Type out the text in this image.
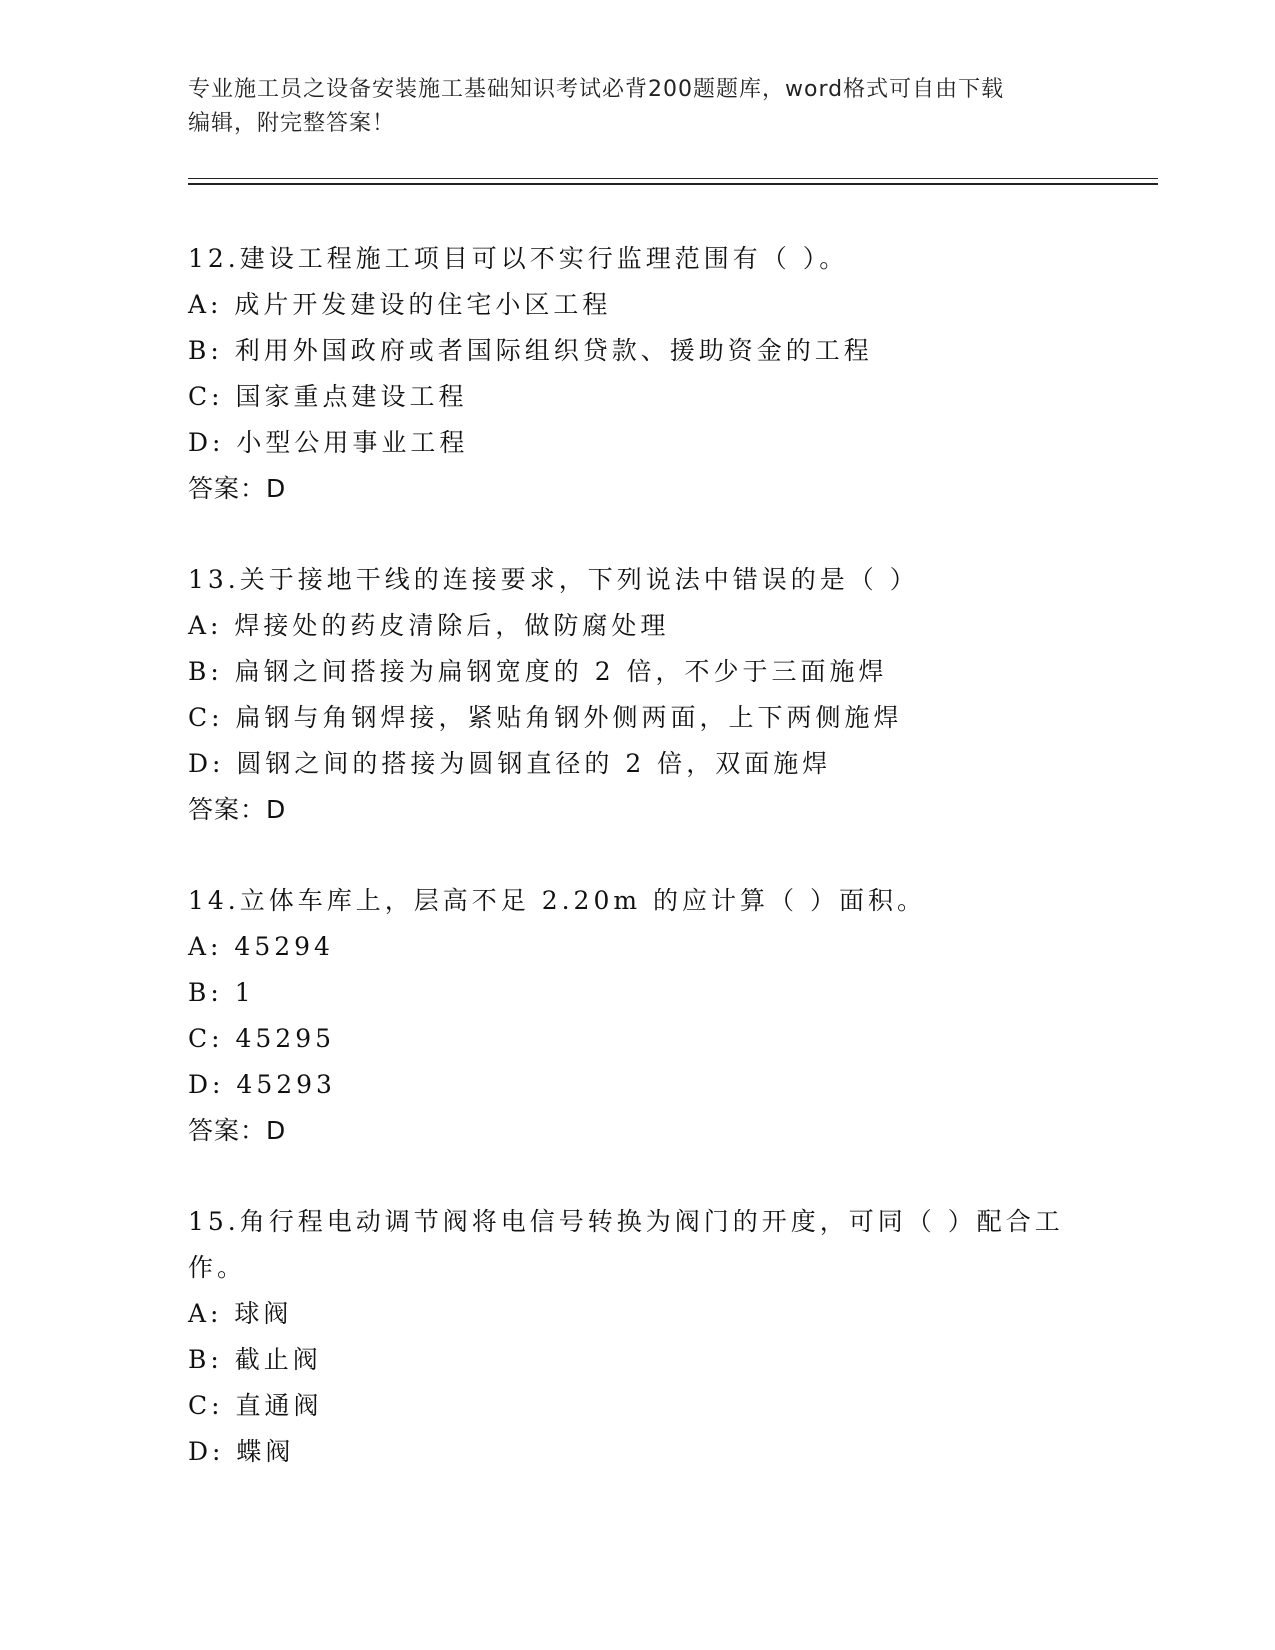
专业施工员之设备安装施工基础知识考试必背200题题库，word格式可自由下载
编辑，附完整答案！
12.建设工程施工项目可以不实行监理范围有（ ）。
A: 成片开发建设的住宅小区工程
B: 利用外国政府或者国际组织贷款、援助资金的工程
C: 国家重点建设工程
D: 小型公用事业工程
答案：D
13.关于接地干线的连接要求，下列说法中错误的是（ ）
A: 焊接处的药皮清除后，做防腐处理
B: 扁钢之间搭接为扁钢宽度的 2 倍，不少于三面施焊
C: 扁钢与角钢焊接，紧贴角钢外侧两面，上下两侧施焊
D: 圆钢之间的搭接为圆钢直径的 2 倍，双面施焊
答案：D
14.立体车库上，层高不足 2.20m 的应计算（ ）面积。
A: 45294
B: 1
C: 45295
D: 45293
答案：D
15.角行程电动调节阀将电信号转换为阀门的开度，可同（ ）配合工作。
A: 球阀
B: 截止阀
C: 直通阀
D: 蝶阀
